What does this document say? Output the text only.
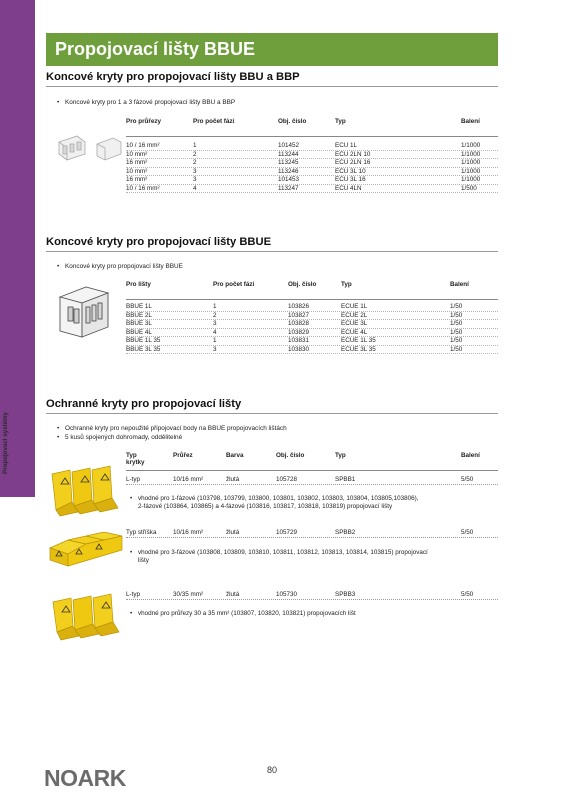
Propojovací systémy
Propojovací lišty BBUE
Koncové kryty pro propojovací lišty BBU a BBP
• Koncové kryty pro 1 a 3 fázové propojovací lišty BBU a BBP
Pro průřezy	Pro počet fází	Obj. číslo	Typ	Balení
10 / 16 mm²	1	101452	ECU 1L	1/1000
10 mm²	2	113244	ECU 2LN 10	1/1000
16 mm²	2	113245	ECU 2LN 16	1/1000
10 mm²	3	113246	ECU 3L 10	1/1000
16 mm²	3	101453	ECU 3L 16	1/1000
10 / 16 mm²	4	113247	ECU 4LN	1/500
Koncové kryty pro propojovací lišty BBUE
• Koncové kryty pro propojovací lišty BBUE
Pro lišty	Pro počet fází	Obj. číslo	Typ	Balení
BBUE 1L	1	103826	ECUE 1L	1/50
BBUE 2L	2	103827	ECUE 2L	1/50
BBUE 3L	3	103828	ECUE 3L	1/50
BBUE 4L	4	103829	ECUE 4L	1/50
BBUE 1L 35	1	103831	ECUE 1L 35	1/50
BBUE 3L 35	3	103830	ECUE 3L 35	1/50
Ochranné kryty pro propojovací lišty
• Ochranné kryty pro nepoužité připojovací body na BBUE propojovacích lištách
• 5 kusů spojených dohromady, oddělitelné
Typ krytky
Průřez	Barva	Obj. číslo	Typ	Balení
L-typ	10/16 mm²	žlutá	105728	SPBB1	5/50
• vhodné pro 1-fázové (103798, 103799, 103800, 103801, 103802, 103803, 103804, 103805,103806),
2-fázové (103864, 103865) a 4-fázové (103816, 103817, 103818, 103819) propojovací lišty
Typ stříška	10/16 mm²	žlutá	105729	SPBB2	5/50
• vhodné pro 3-fázové (103808, 103809, 103810, 103811, 103812, 103813, 103814, 103815) propojovací
lišty
L-typ	30/35 mm²	žlutá	105730	SPBB3	5/50
• vhodné pro průřezy 30 a 35 mm² (103807, 103820, 103821) propojovacích lišt
NOARK	80
